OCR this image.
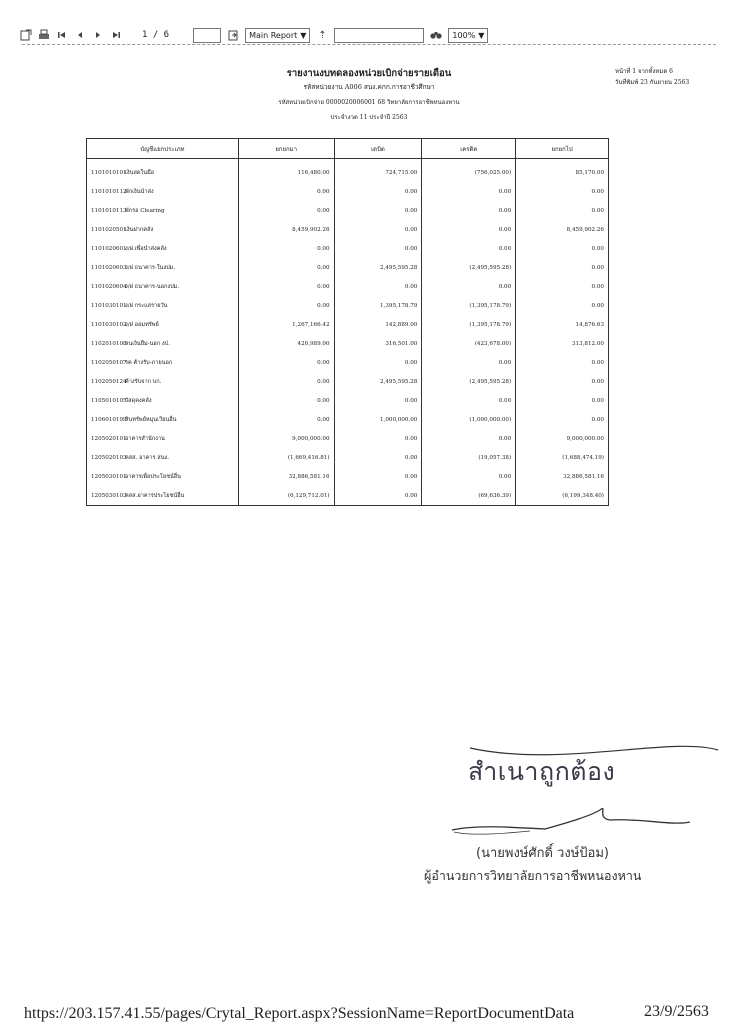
1 / 6	Main Report ▼ ⇡	100% ▼
รายงานงบทดลองหน่วยเบิกจ่ายรายเดือน
รหัสหน่วยงาน A006 สนง.คกก.การอาชีวศึกษา
รหัสหน่วยเบิกจ่าย 0000020006001 68 วิทยาลัยการอาชีพหนองหาน
ประจำงวด 11 ประจำปี 2563
หน้าที่ 1 จากทั้งหมด 6
วันที่พิมพ์ 23 กันยายน 2563
บัญชีแยกประเภท	ยกยกมา	เดบิต	เครดิต	ยกยกไป
1101010101เงินสดในมือ	116,480.00	724,715.00	(756,025.00)	85,170.00
1101010112พักเงินนำส่ง	0.00	0.00	0.00	0.00
1101010113พักรอ Clearing	0.00	0.00	0.00	0.00
1101020501เงินฝากคลัง	8,459,902.26	0.00	0.00	8,459,902.26
1101020601ง/ฝ.เพื่อนำส่งคลัง	0.00	0.00	0.00	0.00
1101020603ง/ฝ ธนาคาร-ในงปม.	0.00	2,495,595.28	(2,495,595.28)	0.00
1101020604ง/ฝ ธนาคาร-นอกงปม.	0.00	0.00	0.00	0.00
1101030101ง/ฝ กระแสรายวัน	0.00	1,395,178.79	(1,395,178.79)	0.00
1101030102ง/ฝ ออมทรัพย์	1,267,166.42	142,889.00	(1,395,178.79)	14,876.63
1102010108ลนเงินยืม-นอก งป.	420,989.00	316,501.00	(423,678.00)	313,812.00
1102050107รค ค้างรับ-ภายนอก	0.00	0.00	0.00	0.00
1102050124ค้างรับจาก บก.	0.00	2,495,595.28	(2,495,595.28)	0.00
1105010105วัสดุคงคลัง	0.00	0.00	0.00	0.00
1106010199สินทรัพย์หมุนเวียนอื่น	0.00	1,000,000.00	(1,000,000.00)	0.00
1205020101อาคารสำนักงาน	9,000,000.00	0.00	0.00	9,000,000.00
1205020103คสส. อาคาร สนง.	(1,669,416.81)	0.00	(19,057.38)	(1,688,474.19)
1205030101อาคารเพื่อประโยชน์อื่น	32,886,581.16	0.00	0.00	32,886,581.16
1205030103คสส.อาคารประโยชน์อื่น	(6,129,712.01)	0.00	(69,636.39)	(6,199,348.40)
สำเนาถูกต้อง
(นายพงษ์ศักดิ์ วงษ์ป้อม)
ผู้อำนวยการวิทยาลัยการอาชีพหนองหาน
https://203.157.41.55/pages/Crytal_Report.aspx?SessionName=ReportDocumentData	23/9/2563
